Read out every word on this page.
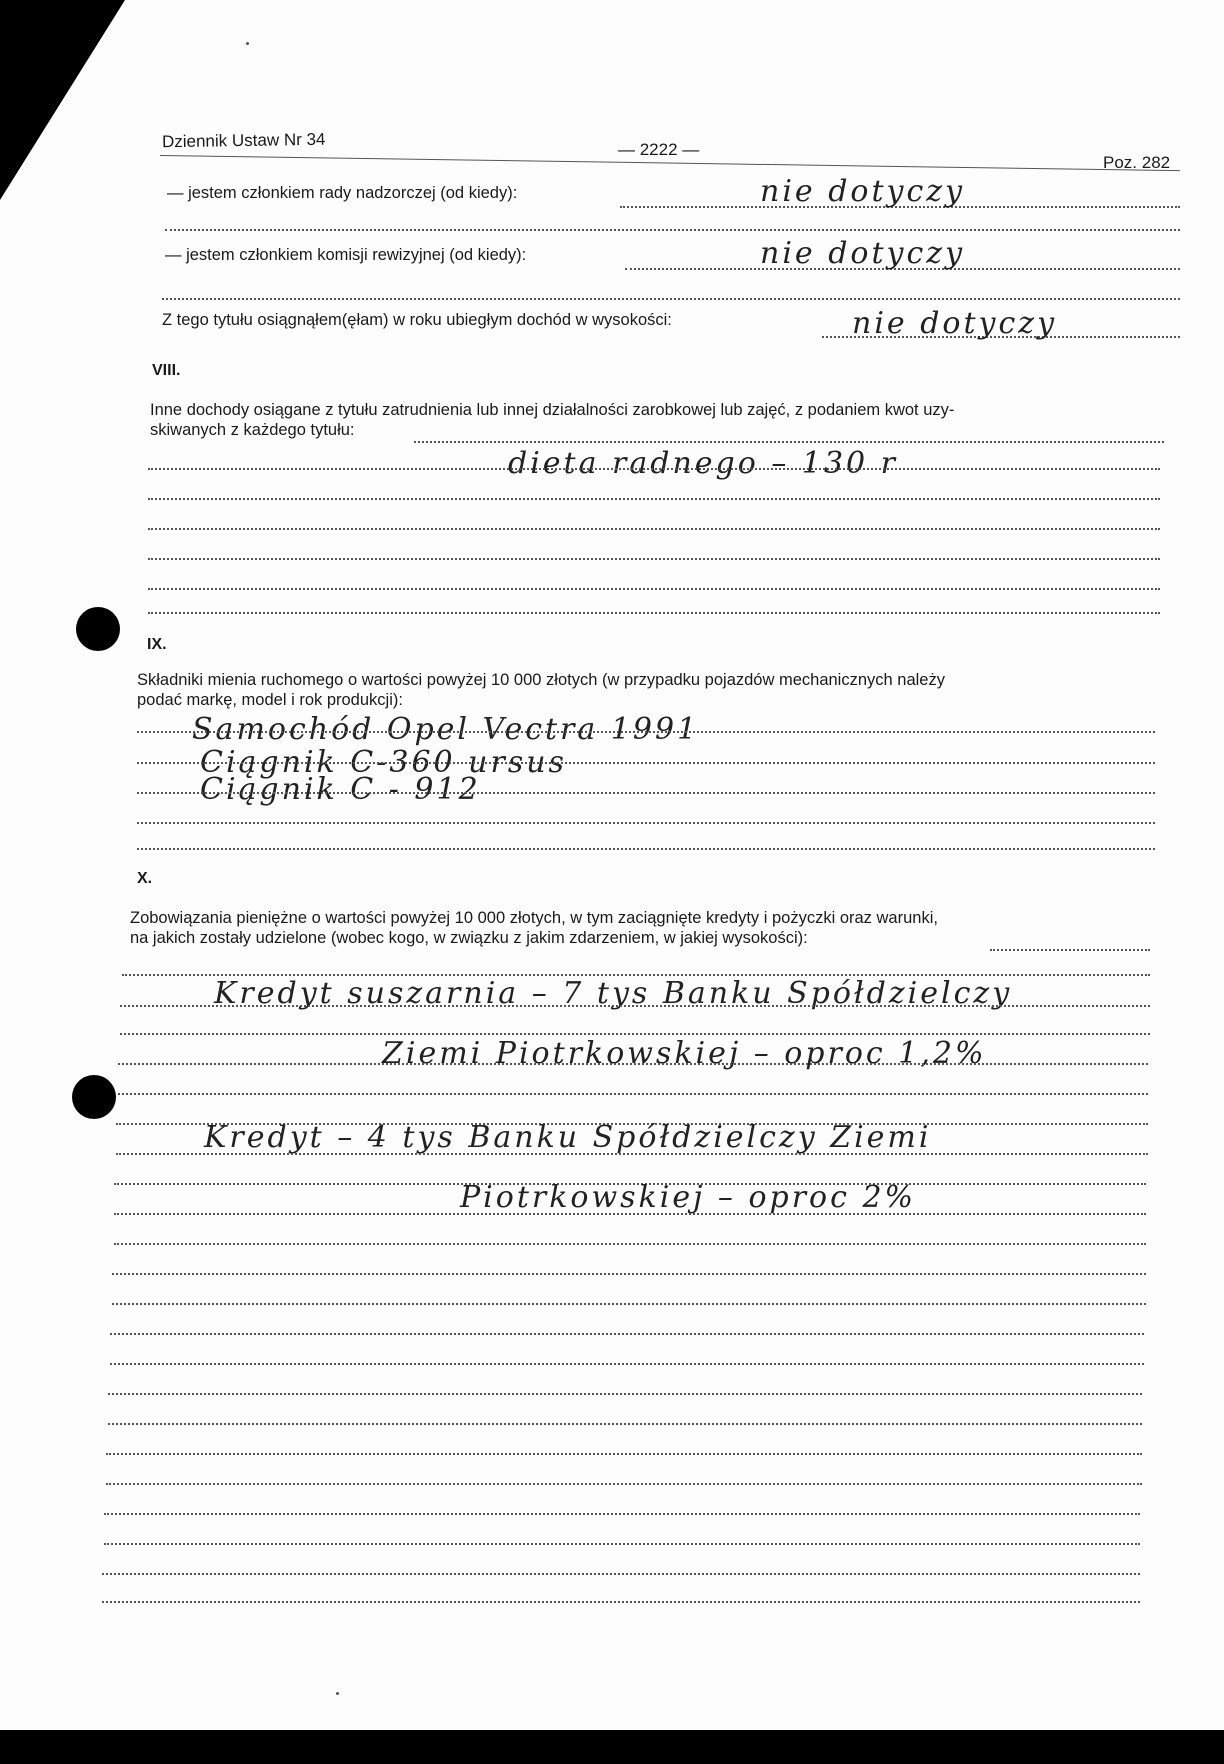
Dziennik Ustaw Nr 34	— 2222 —
Poz. 282
— jestem członkiem rady nadzorczej (od kiedy):	nie dotyczy
— jestem członkiem komisji rewizyjnej (od kiedy):	nie dotyczy
Z tego tytułu osiągnąłem(ęłam) w roku ubiegłym dochód w wysokości:	nie dotyczy
VIII.
Inne dochody osiągane z tytułu zatrudnienia lub innej działalności zarobkowej lub zajęć, z podaniem kwot uzy-
skiwanych z każdego tytułu:
dieta radnego – 130 r
IX.
Składniki mienia ruchomego o wartości powyżej 10 000 złotych (w przypadku pojazdów mechanicznych należy
podać markę, model i rok produkcji):
Samochód Opel Vectra 1991
Ciągnik C-360 ursus
Ciągnik C - 912
X.
Zobowiązania pieniężne o wartości powyżej 10 000 złotych, w tym zaciągnięte kredyty i pożyczki oraz warunki,
na jakich zostały udzielone (wobec kogo, w związku z jakim zdarzeniem, w jakiej wysokości):
Kredyt suszarnia – 7 tys Banku Spółdzielczy
Ziemi Piotrkowskiej – oproc 1,2%
Kredyt – 4 tys Banku Spółdzielczy Ziemi
Piotrkowskiej – oproc 2%
